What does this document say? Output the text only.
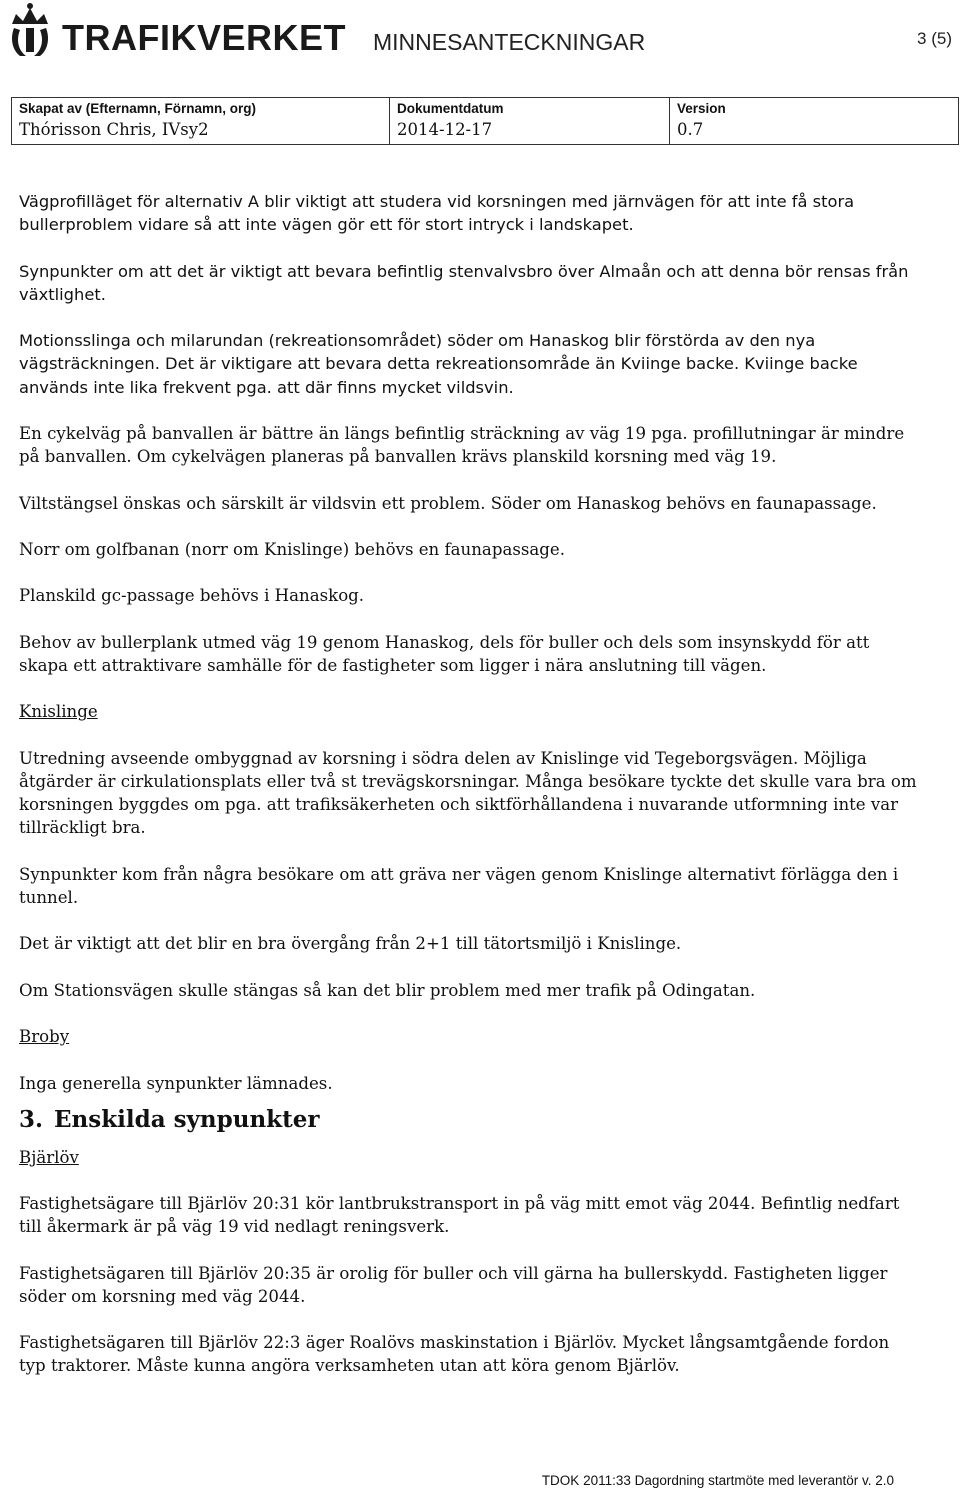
TRAFIKVERKET MINNESANTECKNINGAR	3 (5)
Skapat av (Efternamn, Förnamn, org)
Thórisson Chris, IVsy2
Dokumentdatum
2014-12-17
Version
0.7

Vägprofilläget för alternativ A blir viktigt att studera vid korsningen med järnvägen för att inte få stora bullerproblem vidare så att inte vägen gör ett för stort intryck i landskapet.

Synpunkter om att det är viktigt att bevara befintlig stenvalvsbro över Almaån och att denna bör rensas från växtlighet.

Motionsslinga och milarundan (rekreationsområdet) söder om Hanaskog blir förstörda av den nya vägsträckningen. Det är viktigare att bevara detta rekreationsområde än Kviinge backe. Kviinge backe används inte lika frekvent pga. att där finns mycket vildsvin.

En cykelväg på banvallen är bättre än längs befintlig sträckning av väg 19 pga. profillutningar är mindre på banvallen. Om cykelvägen planeras på banvallen krävs planskild korsning med väg 19.

Viltstängsel önskas och särskilt är vildsvin ett problem. Söder om Hanaskog behövs en faunapassage.

Norr om golfbanan (norr om Knislinge) behövs en faunapassage.

Planskild gc-passage behövs i Hanaskog.

Behov av bullerplank utmed väg 19 genom Hanaskog, dels för buller och dels som insynskydd för att skapa ett attraktivare samhälle för de fastigheter som ligger i nära anslutning till vägen.

Knislinge

Utredning avseende ombyggnad av korsning i södra delen av Knislinge vid Tegeborgsvägen. Möjliga åtgärder är cirkulationsplats eller två st trevägskorsningar. Många besökare tyckte det skulle vara bra om korsningen byggdes om pga. att trafiksäkerheten och siktförhållandena i nuvarande utformning inte var tillräckligt bra.

Synpunkter kom från några besökare om att gräva ner vägen genom Knislinge alternativt förlägga den i tunnel.

Det är viktigt att det blir en bra övergång från 2+1 till tätortsmiljö i Knislinge.

Om Stationsvägen skulle stängas så kan det blir problem med mer trafik på Odingatan.

Broby

Inga generella synpunkter lämnades.

3. Enskilda synpunkter
Bjärlöv

Fastighetsägare till Bjärlöv 20:31 kör lantbrukstransport in på väg mitt emot väg 2044. Befintlig nedfart till åkermark är på väg 19 vid nedlagt reningsverk.

Fastighetsägaren till Bjärlöv 20:35 är orolig för buller och vill gärna ha bullerskydd. Fastigheten ligger söder om korsning med väg 2044.

Fastighetsägaren till Bjärlöv 22:3 äger Roalövs maskinstation i Bjärlöv. Mycket långsamtgående fordon typ traktorer. Måste kunna angöra verksamheten utan att köra genom Bjärlöv.

TDOK 2011:33 Dagordning startmöte med leverantör v. 2.0
